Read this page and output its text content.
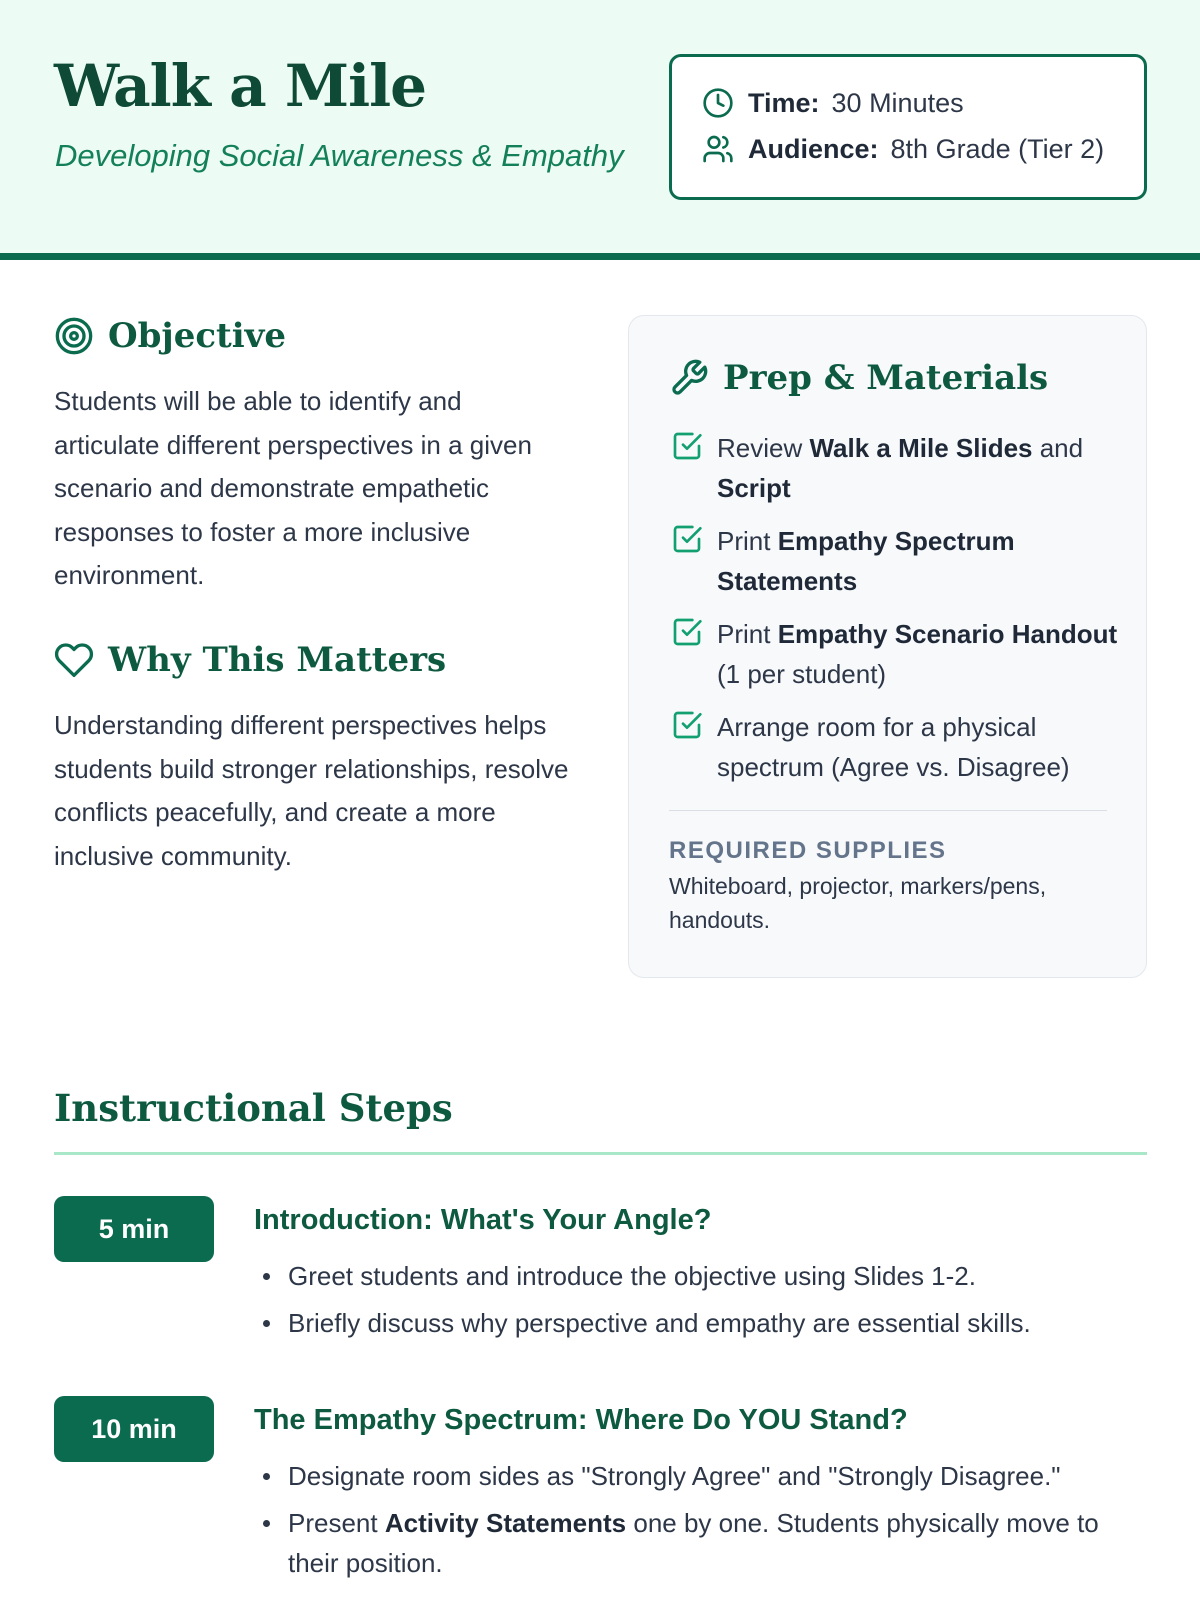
Walk a Mile
Developing Social Awareness & Empathy
Time: 30 Minutes
Audience: 8th Grade (Tier 2)
Objective

Students will be able to identify and articulate different perspectives in a given scenario and demonstrate empathetic responses to foster a more inclusive environment.

Why This Matters

Understanding different perspectives helps students build stronger relationships, resolve conflicts peacefully, and create a more inclusive community.

Prep & Materials
Review Walk a Mile Slides and Script
Print Empathy Spectrum Statements
Print Empathy Scenario Handout (1 per student)
Arrange room for a physical spectrum (Agree vs. Disagree)
REQUIRED SUPPLIES
Whiteboard, projector, markers/pens, handouts.
Instructional Steps
5 min	Introduction: What's Your Angle?
Greet students and introduce the objective using Slides 1-2.
Briefly discuss why perspective and empathy are essential skills.
10 min	The Empathy Spectrum: Where Do YOU Stand?
Designate room sides as "Strongly Agree" and "Strongly Disagree."
Present Activity Statements one by one. Students physically move to their position.
